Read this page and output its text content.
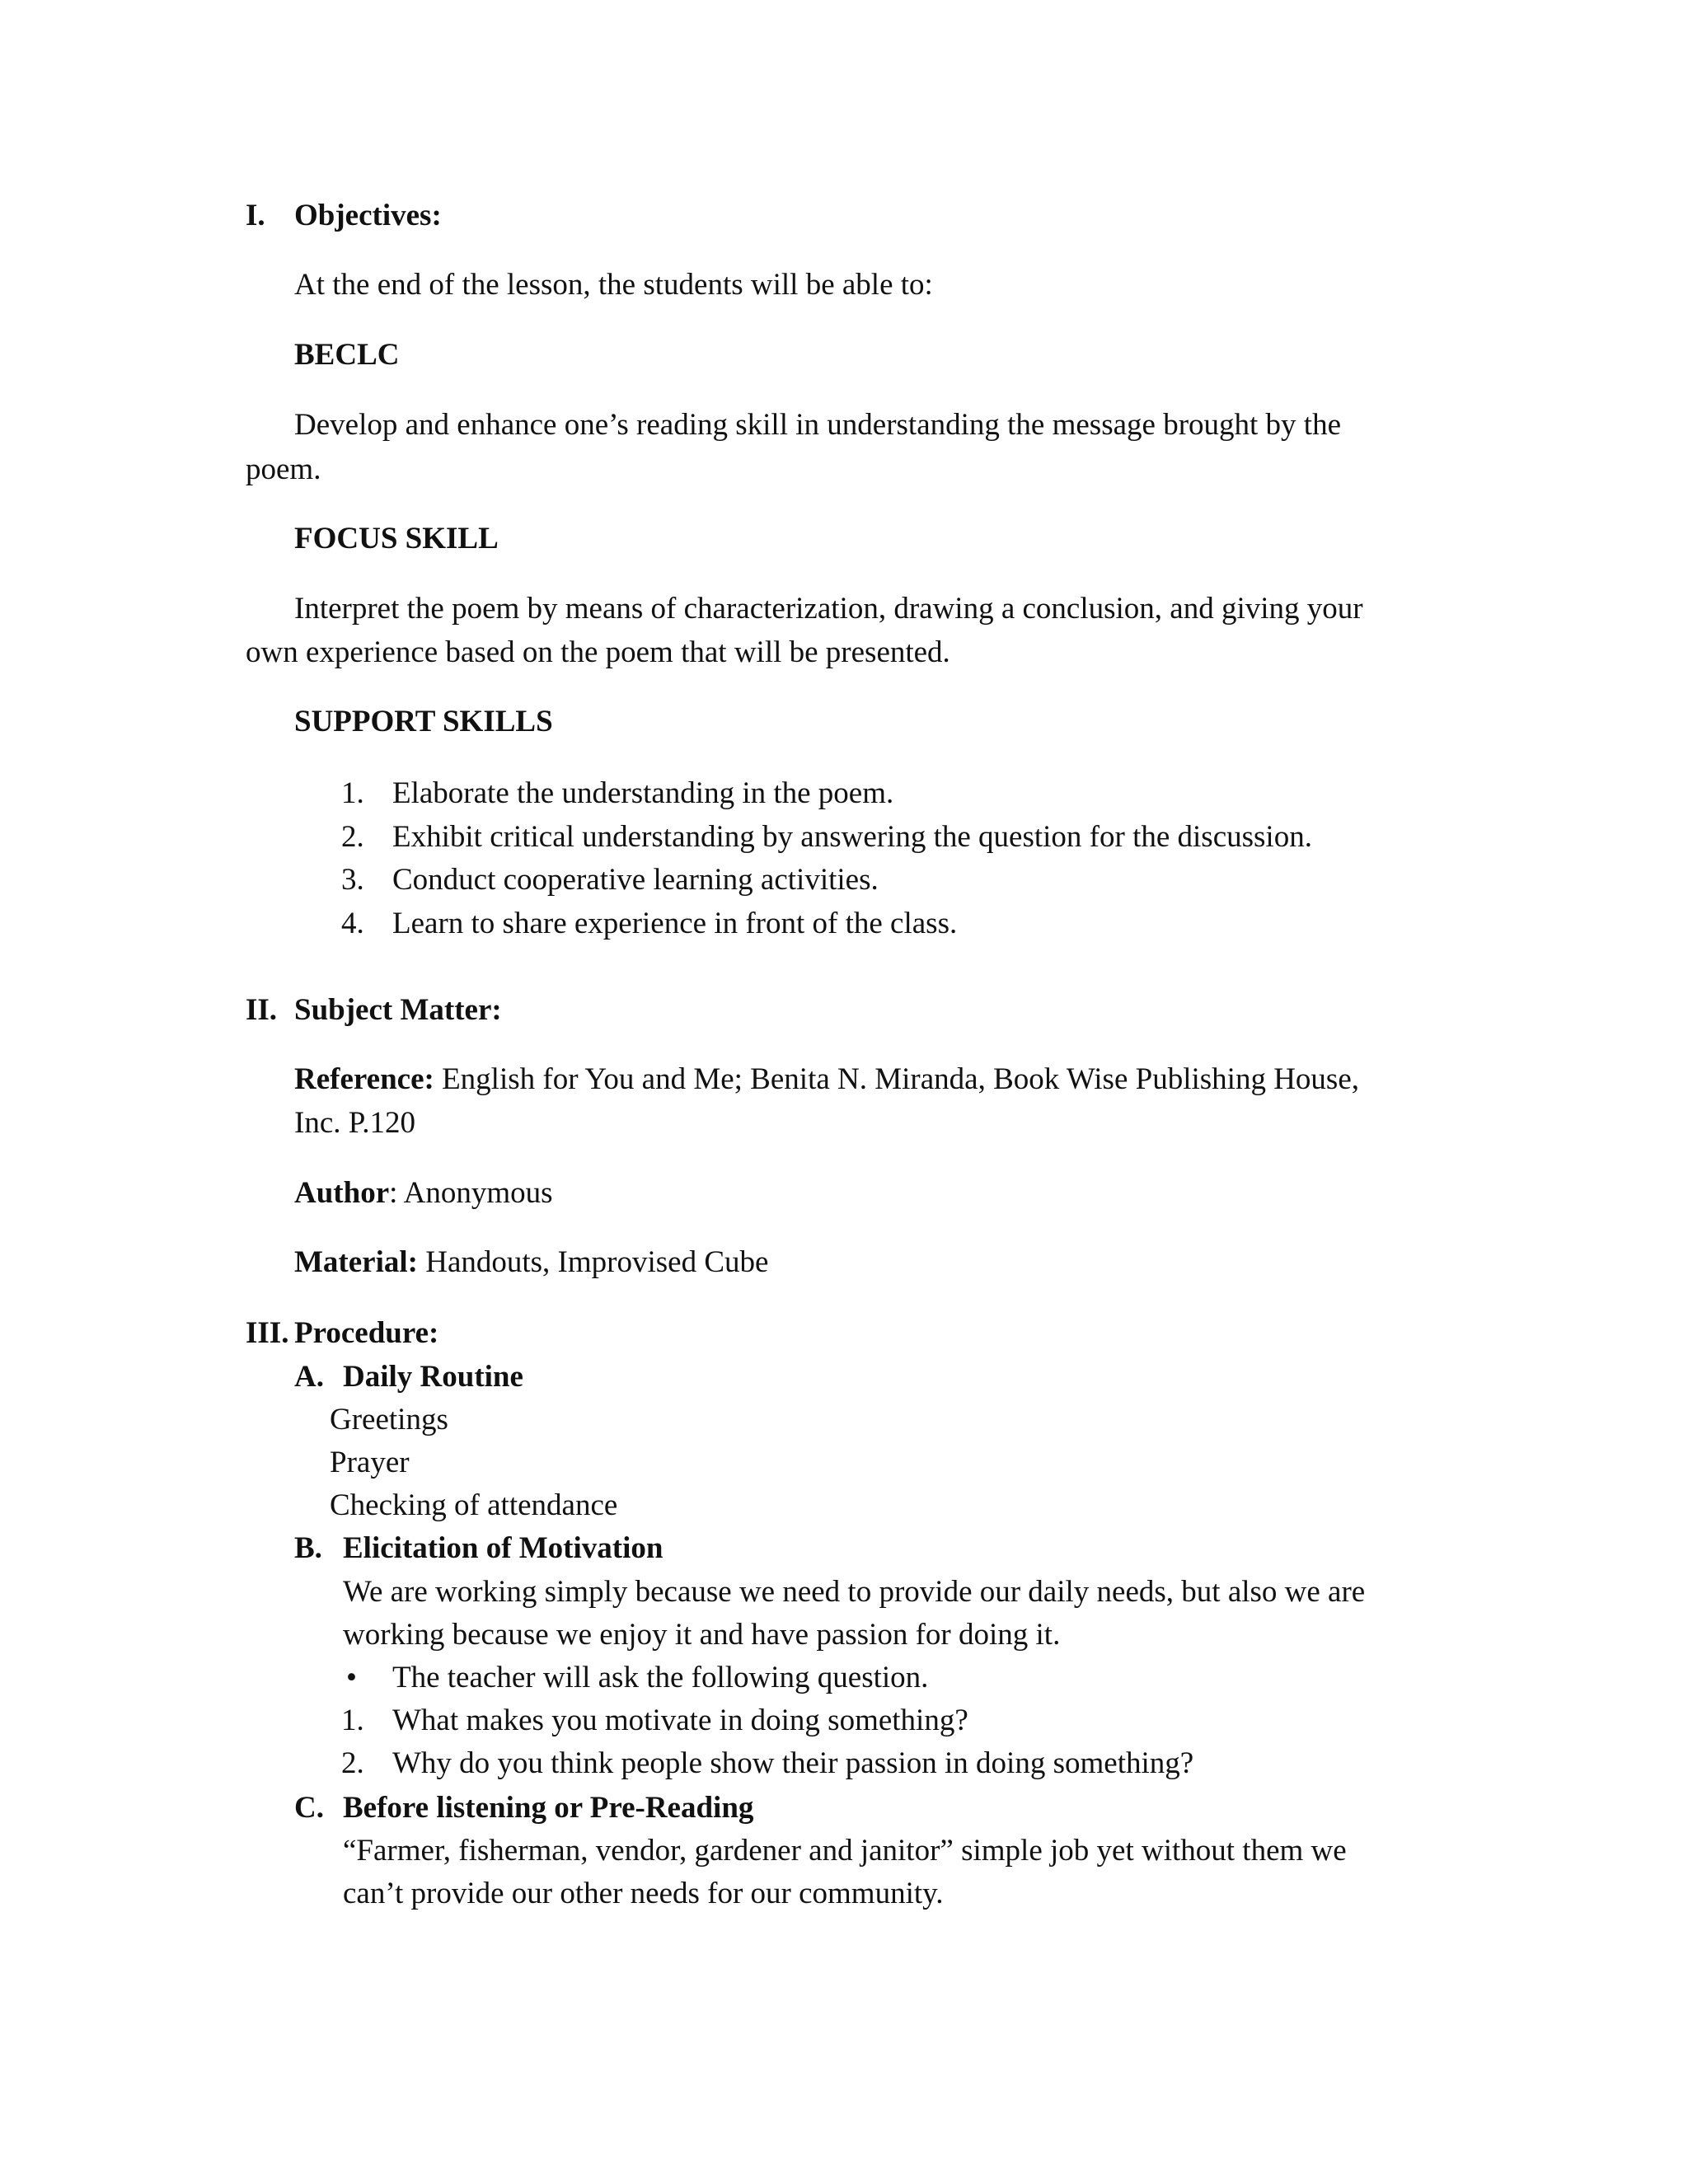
I. Objectives:
At the end of the lesson, the students will be able to:
BECLC
Develop and enhance one’s reading skill in understanding the message brought by the
poem.
FOCUS SKILL
Interpret the poem by means of characterization, drawing a conclusion, and giving your
own experience based on the poem that will be presented.
SUPPORT SKILLS
1. Elaborate the understanding in the poem.
2. Exhibit critical understanding by answering the question for the discussion.
3. Conduct cooperative learning activities.
4. Learn to share experience in front of the class.
II. Subject Matter:
Reference: English for You and Me; Benita N. Miranda, Book Wise Publishing House,
Inc. P.120
Author: Anonymous
Material: Handouts, Improvised Cube
III. Procedure:
A. Daily Routine
Greetings
Prayer
Checking of attendance
B. Elicitation of Motivation
We are working simply because we need to provide our daily needs, but also we are
working because we enjoy it and have passion for doing it.
• The teacher will ask the following question.
1. What makes you motivate in doing something?
2. Why do you think people show their passion in doing something?
C. Before listening or Pre-Reading
“Farmer, fisherman, vendor, gardener and janitor” simple job yet without them we
can’t provide our other needs for our community.
